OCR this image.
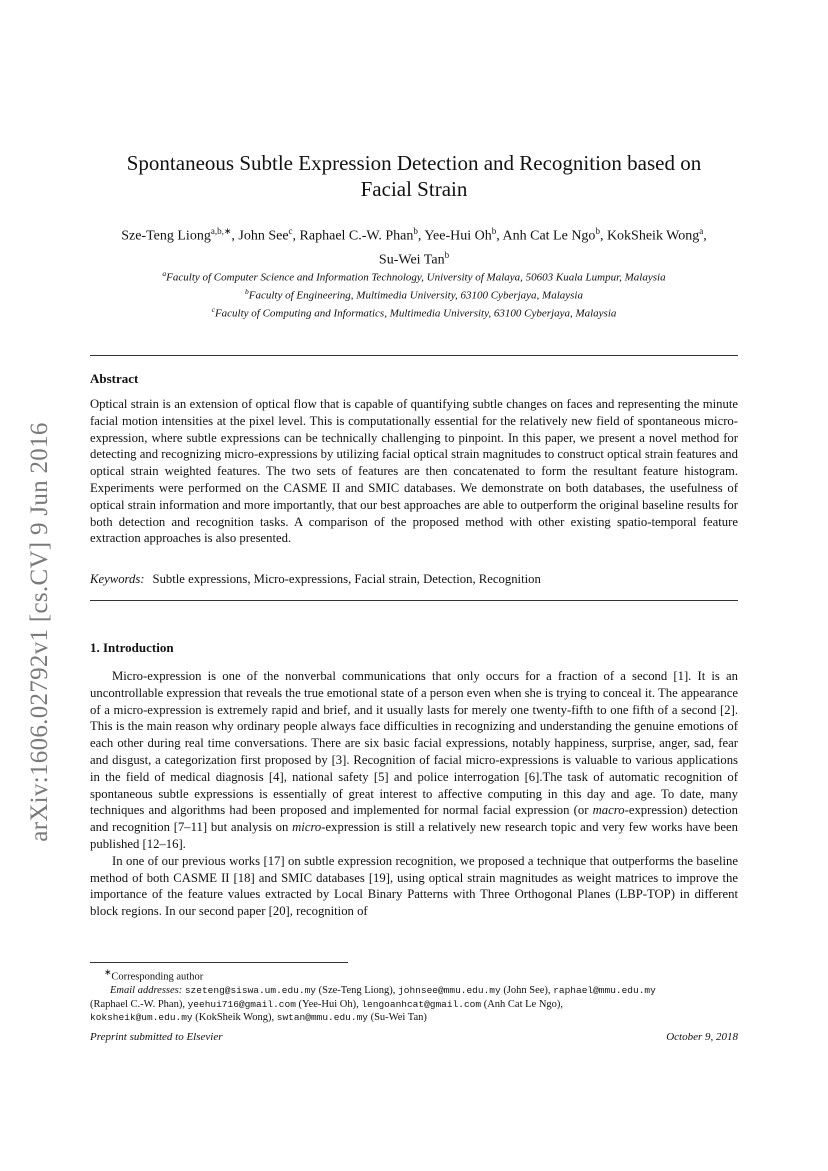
arXiv:1606.02792v1 [cs.CV] 9 Jun 2016
Spontaneous Subtle Expression Detection and Recognition based on
Facial Strain
Sze-Teng Liong$^{a,b,∗}$, John See$^c$, Raphael C.-W. Phan$^b$, Yee-Hui Oh$^b$, Anh Cat Le Ngo$^b$, KokSheik Wong$^a$,
Su-Wei Tan$^b$
$^a$Faculty of Computer Science and Information Technology, University of Malaya, 50603 Kuala Lumpur, Malaysia
$^b$Faculty of Engineering, Multimedia University, 63100 Cyberjaya, Malaysia
$^c$Faculty of Computing and Informatics, Multimedia University, 63100 Cyberjaya, Malaysia
Abstract
Optical strain is an extension of optical flow that is capable of quantifying subtle changes on faces and representing the minute facial motion intensities at the pixel level. This is computationally essential for the relatively new field of spontaneous micro-expression, where subtle expressions can be technically challenging to pinpoint. In this paper, we present a novel method for detecting and recognizing micro-expressions by utilizing facial optical strain magnitudes to construct optical strain features and optical strain weighted features. The two sets of features are then concatenated to form the resultant feature histogram. Experiments were performed on the CASME II and SMIC databases. We demonstrate on both databases, the usefulness of optical strain information and more importantly, that our best approaches are able to outperform the original baseline results for both detection and recognition tasks. A comparison of the proposed method with other existing spatio-temporal feature extraction approaches is also presented.
Keywords: Subtle expressions, Micro-expressions, Facial strain, Detection, Recognition
1. Introduction

Micro-expression is one of the nonverbal communications that only occurs for a fraction of a second [1]. It is an uncontrollable expression that reveals the true emotional state of a person even when she is trying to conceal it. The appearance of a micro-expression is extremely rapid and brief, and it usually lasts for merely one twenty-fifth to one fifth of a second [2]. This is the main reason why ordinary people always face difficulties in recognizing and understanding the genuine emotions of each other during real time conversations. There are six basic facial expressions, notably happiness, surprise, anger, sad, fear and disgust, a categorization first proposed by [3]. Recognition of facial micro-expressions is valuable to various applications in the field of medical diagnosis [4], national safety [5] and police interrogation [6].The task of automatic recognition of spontaneous subtle expressions is essentially of great interest to affective computing in this day and age. To date, many techniques and algorithms had been proposed and implemented for normal facial expression (or macro-expression) detection and recognition [7–11] but analysis on micro-expression is still a relatively new research topic and very few works have been published [12–16].

In one of our previous works [17] on subtle expression recognition, we proposed a technique that outperforms the baseline method of both CASME II [18] and SMIC databases [19], using optical strain magnitudes as weight matrices to improve the importance of the feature values extracted by Local Binary Patterns with Three Orthogonal Planes (LBP-TOP) in different block regions. In our second paper [20], recognition of

∗Corresponding author
Email addresses: szeteng@siswa.um.edu.my (Sze-Teng Liong), johnsee@mmu.edu.my (John See), raphael@mmu.edu.my
(Raphael C.-W. Phan), yeehui716@gmail.com (Yee-Hui Oh), lengoanhcat@gmail.com (Anh Cat Le Ngo),
koksheik@um.edu.my (KokSheik Wong), swtan@mmu.edu.my (Su-Wei Tan)
Preprint submitted to Elsevier	October 9, 2018
